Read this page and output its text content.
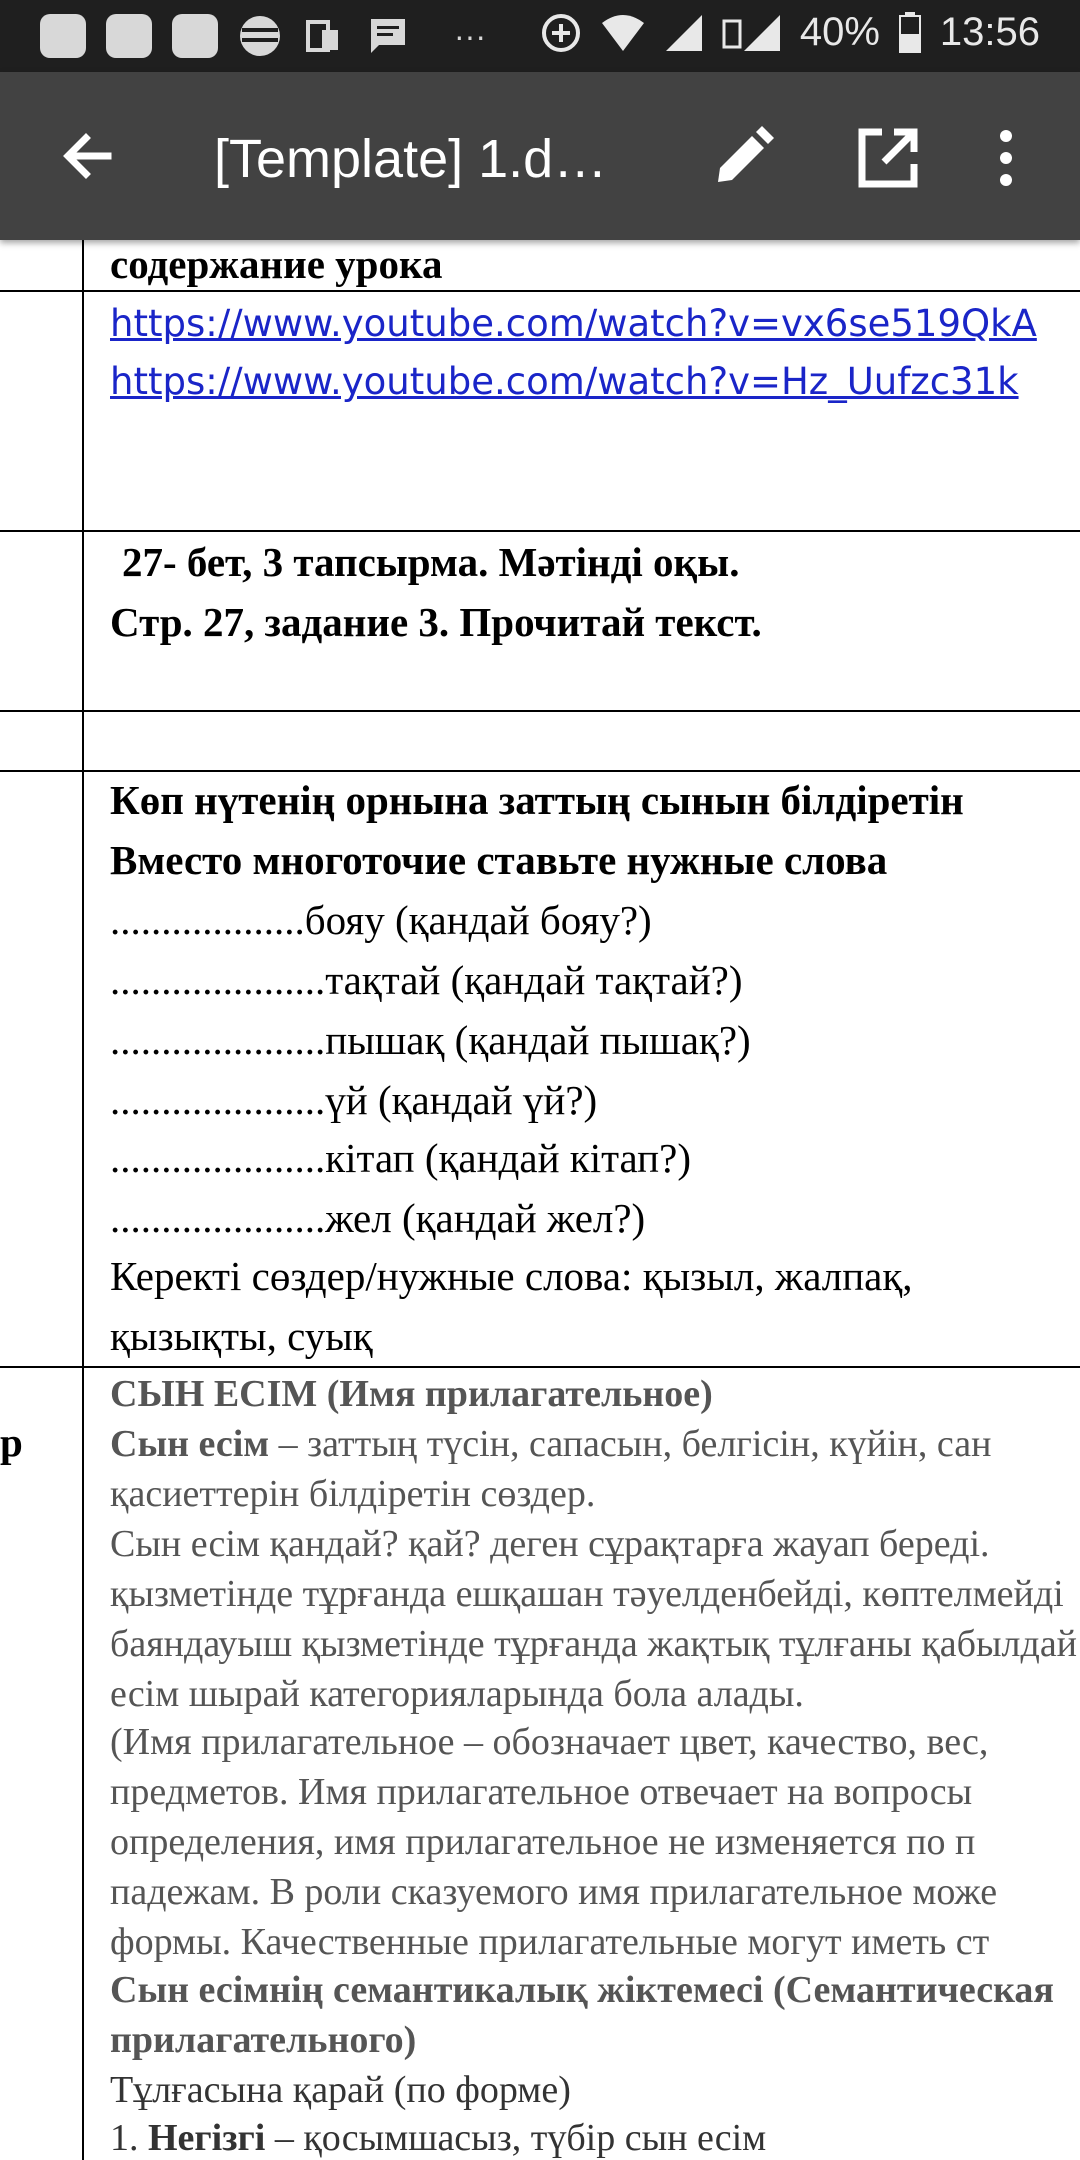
···	40% 13:56
[Template] 1.d…
содержание урока
https://www.youtube.com/watch?v=vx6se519QkA
https://www.youtube.com/watch?v=Hz_Uufzc31k
27- бет, 3 тапсырма. Мәтінді оқы.
Стр. 27, задание 3. Прочитай текст.
Көп нүтенің орнына заттың сынын білдіретін
Вместо многоточие ставьте нужные слова
...................бояу (қандай бояу?)
.....................тақтай (қандай тақтай?)
.....................пышақ (қандай пышақ?)
.....................үй (қандай үй?)
.....................кітап (қандай кітап?)
.....................жел (қандай жел?)
Керекті сөздер/нужные слова: қызыл, жалпақ,
қызықты, суық
р
СЫН ЕСІМ (Имя прилагательное)
Сын есім – заттың түсін, сапасын, белгісін, күйін, сан
қасиеттерін білдіретін сөздер.
Сын есім қандай? қай? деген сұрақтарға жауап береді.
қызметінде тұрғанда ешқашан тәуелденбейді, көптелмейді
баяндауыш қызметінде тұрғанда жақтық тұлғаны қабылдай
есім шырай категорияларында бола алады.
(Имя прилагательное – обозначает цвет, качество, вес,
предметов. Имя прилагательное отвечает на вопросы
определения, имя прилагательное не изменяется по п
падежам. В роли сказуемого имя прилагательное може
формы. Качественные прилагательные могут иметь ст
Сын есімнің семантикалық жіктемесі (Семантическая
прилагательного)
Тұлғасына қарай (по форме)
1. Негізгі – қосымшасыз, түбір сын есім
